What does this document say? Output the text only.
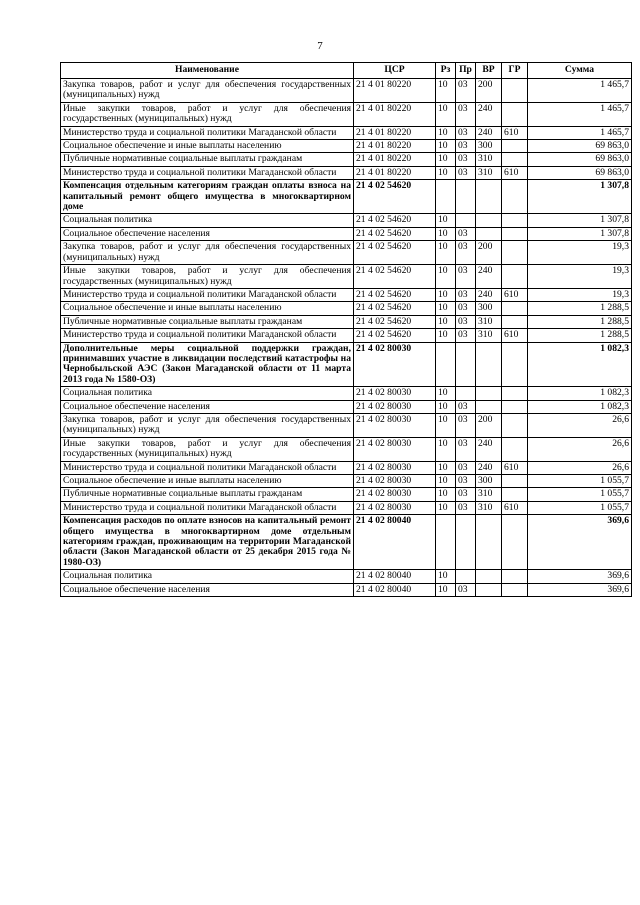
7
Наименование	ЦСР	Рз	Пр	ВР	ГР	Сумма
Закупка товаров, работ и услуг для обеспечения государственных (муниципальных) нужд	21 4 01 80220	10	03	200		1 465,7
Иные закупки товаров, работ и услуг для обеспечения государственных (муниципальных) нужд	21 4 01 80220	10	03	240		1 465,7
Министерство труда и социальной политики Магаданской области	21 4 01 80220	10	03	240	610	1 465,7
Социальное обеспечение и иные выплаты населению	21 4 01 80220	10	03	300		69 863,0
Публичные нормативные социальные выплаты гражданам	21 4 01 80220	10	03	310		69 863,0
Министерство труда и социальной политики Магаданской области	21 4 01 80220	10	03	310	610	69 863,0
Компенсация отдельным категориям граждан оплаты взноса на капитальный ремонт общего имущества в многоквартирном доме	21 4 02 54620					1 307,8
Социальная политика	21 4 02 54620	10				1 307,8
Социальное обеспечение населения	21 4 02 54620	10	03			1 307,8
Закупка товаров, работ и услуг для обеспечения государственных (муниципальных) нужд	21 4 02 54620	10	03	200		19,3
Иные закупки товаров, работ и услуг для обеспечения государственных (муниципальных) нужд	21 4 02 54620	10	03	240		19,3
Министерство труда и социальной политики Магаданской области	21 4 02 54620	10	03	240	610	19,3
Социальное обеспечение и иные выплаты населению	21 4 02 54620	10	03	300		1 288,5
Публичные нормативные социальные выплаты гражданам	21 4 02 54620	10	03	310		1 288,5
Министерство труда и социальной политики Магаданской области	21 4 02 54620	10	03	310	610	1 288,5
Дополнительные меры социальной поддержки граждан, принимавших участие в ликвидации последствий катастрофы на Чернобыльской АЭС (Закон Магаданской области от 11 марта 2013 года № 1580-ОЗ)	21 4 02 80030					1 082,3
Социальная политика	21 4 02 80030	10				1 082,3
Социальное обеспечение населения	21 4 02 80030	10	03			1 082,3
Закупка товаров, работ и услуг для обеспечения государственных (муниципальных) нужд	21 4 02 80030	10	03	200		26,6
Иные закупки товаров, работ и услуг для обеспечения государственных (муниципальных) нужд	21 4 02 80030	10	03	240		26,6
Министерство труда и социальной политики Магаданской области	21 4 02 80030	10	03	240	610	26,6
Социальное обеспечение и иные выплаты населению	21 4 02 80030	10	03	300		1 055,7
Публичные нормативные социальные выплаты гражданам	21 4 02 80030	10	03	310		1 055,7
Министерство труда и социальной политики Магаданской области	21 4 02 80030	10	03	310	610	1 055,7
Компенсация расходов по оплате взносов на капитальный ремонт общего имущества в многоквартирном доме отдельным категориям граждан, проживающим на территории Магаданской области (Закон Магаданской области от 25 декабря 2015 года № 1980-ОЗ)	21 4 02 80040					369,6
Социальная политика	21 4 02 80040	10				369,6
Социальное обеспечение населения	21 4 02 80040	10	03			369,6
